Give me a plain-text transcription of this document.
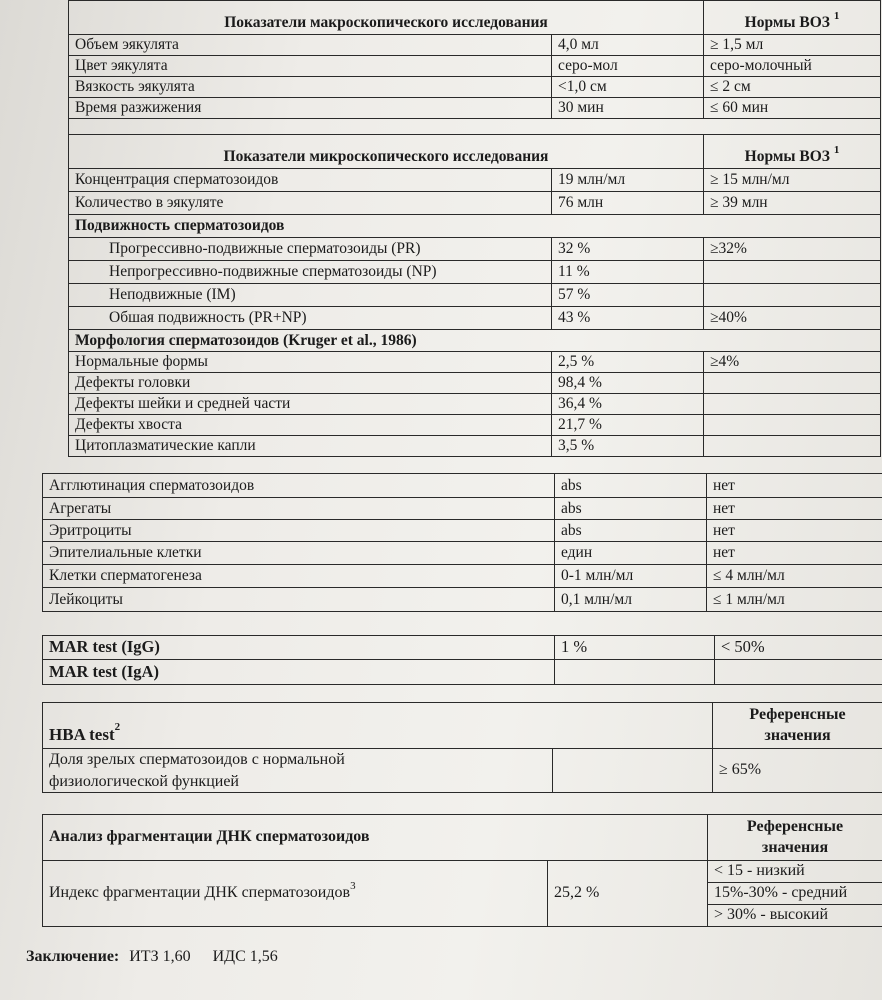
Показатели макроскопического исследования		Нормы ВОЗ $^1$
Объем эякулята	4,0 мл	≥ 1,5 мл
Цвет эякулята	серо-мол	серо-молочный
Вязкость эякулята	<1,0 см	≤ 2 см
Время разжижения	30 мин	≤ 60 мин

Показатели микроскопического исследования		Нормы ВОЗ $^1$
Концентрация сперматозоидов	19 млн/мл	≥ 15 млн/мл
Количество в эякуляте	76 млн	≥ 39 млн
Подвижность сперматозоидов		
Прогрессивно-подвижные сперматозоиды (PR)	32 %	≥32%
Непрогрессивно-подвижные сперматозоиды (NP)	11 %	
Неподвижные (IM)	57 %	
Обшая подвижность (PR+NP)	43 %	≥40%
Морфология сперматозоидов (Kruger et al., 1986)		
Нормальные формы	2,5 %	≥4%
Дефекты головки	98,4 %	
Дефекты шейки и средней части	36,4 %	
Дефекты хвоста	21,7 %	
Цитоплазматические капли	3,5 %	
Агглютинация сперматозоидов	abs	нет
Агрегаты	abs	нет
Эритроциты	abs	нет
Эпителиальные клетки	един	нет
Клетки сперматогенеза	0-1 млн/мл	≤ 4 млн/мл
Лейкоциты	0,1 млн/мл	≤ 1 млн/мл
MAR test (IgG)	1 %	< 50%
MAR test (IgA)		
HBA test$^2$		Референсные
значения
Доля зрелых сперматозоидов с нормальной
физиологической функцией		≥ 65%
Анализ фрагментации ДНК сперматозоидов		Референсные
значения
Индекс фрагментации ДНК сперматозоидов$^3$	25,2 %	< 15 - низкий
		15%-30% - средний
		> 30% - высокий
Заключение: ИТЗ 1,60 ИДС 1,56
